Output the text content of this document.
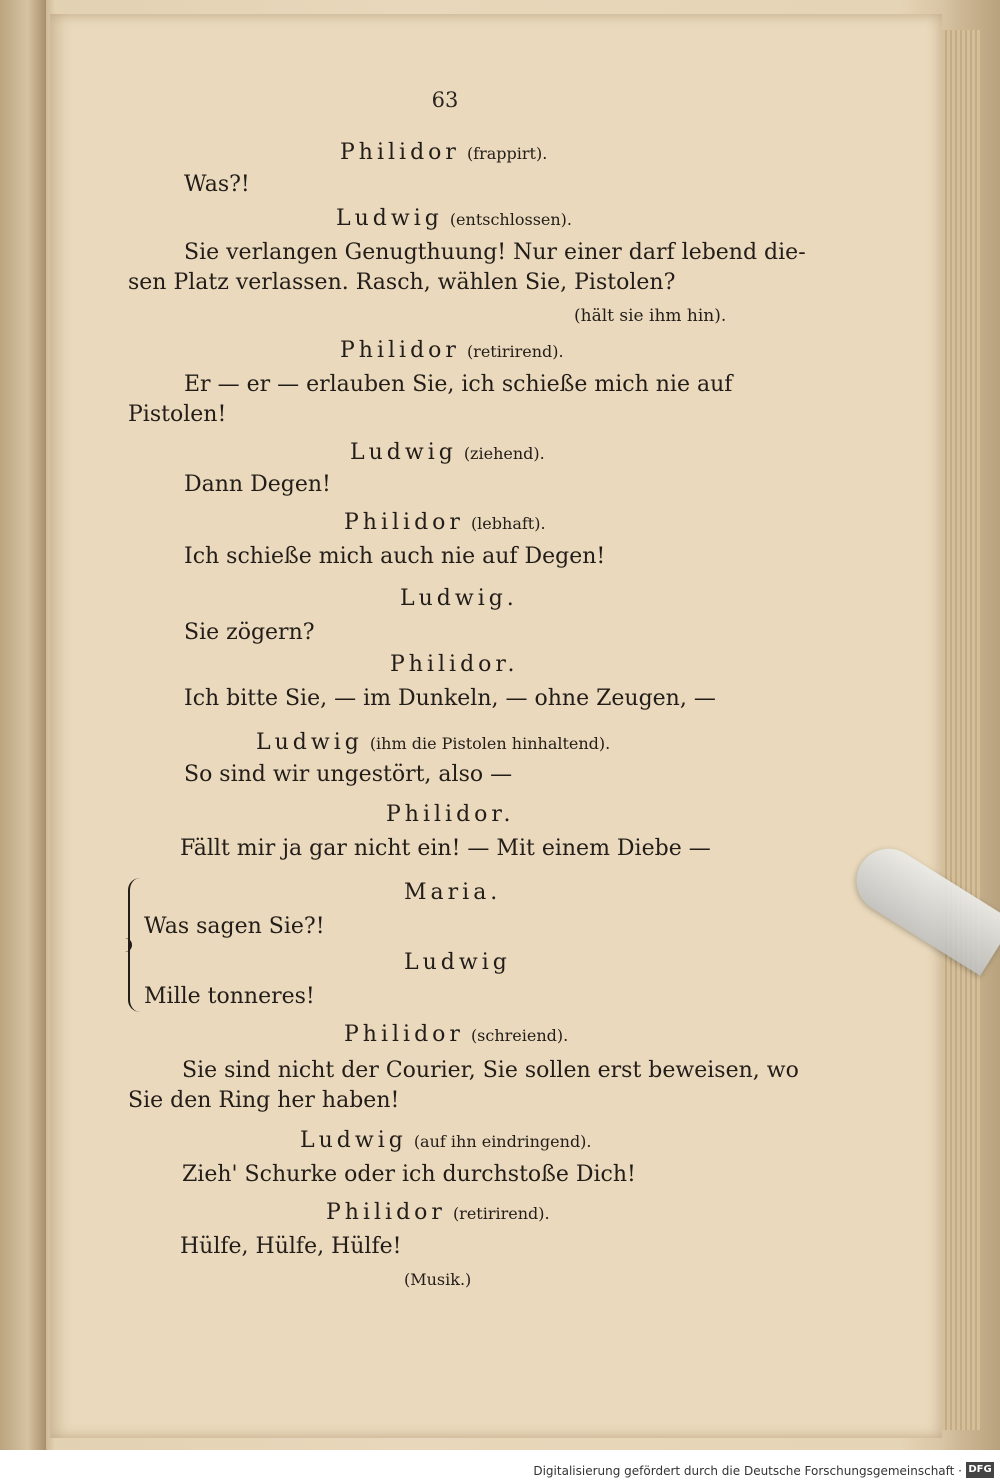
63
Philidor (frappirt).
Was?!
Ludwig (entschlossen).
Sie verlangen Genugthuung! Nur einer darf lebend die-
sen Platz verlassen. Rasch, wählen Sie, Pistolen?
(hält sie ihm hin).
Philidor (retirirend).
Er — er — erlauben Sie, ich schieße mich nie auf
Pistolen!
Ludwig (ziehend).
Dann Degen!
Philidor (lebhaft).
Ich schieße mich auch nie auf Degen!
Ludwig.
Sie zögern?
Philidor.
Ich bitte Sie, — im Dunkeln, — ohne Zeugen, —
Ludwig (ihm die Pistolen hinhaltend).
So sind wir ungestört, also —
Philidor.
Fällt mir ja gar nicht ein! — Mit einem Diebe —
Maria.
Was sagen Sie?!
Ludwig
Mille tonneres!
Philidor (schreiend).
Sie sind nicht der Courier, Sie sollen erst beweisen, wo
Sie den Ring her haben!
Ludwig (auf ihn eindringend).
Zieh' Schurke oder ich durchstoße Dich!
Philidor (retirirend).
Hülfe, Hülfe, Hülfe!
(Musik.)
Digitalisierung gefördert durch die Deutsche Forschungsgemeinschaft · DFG
